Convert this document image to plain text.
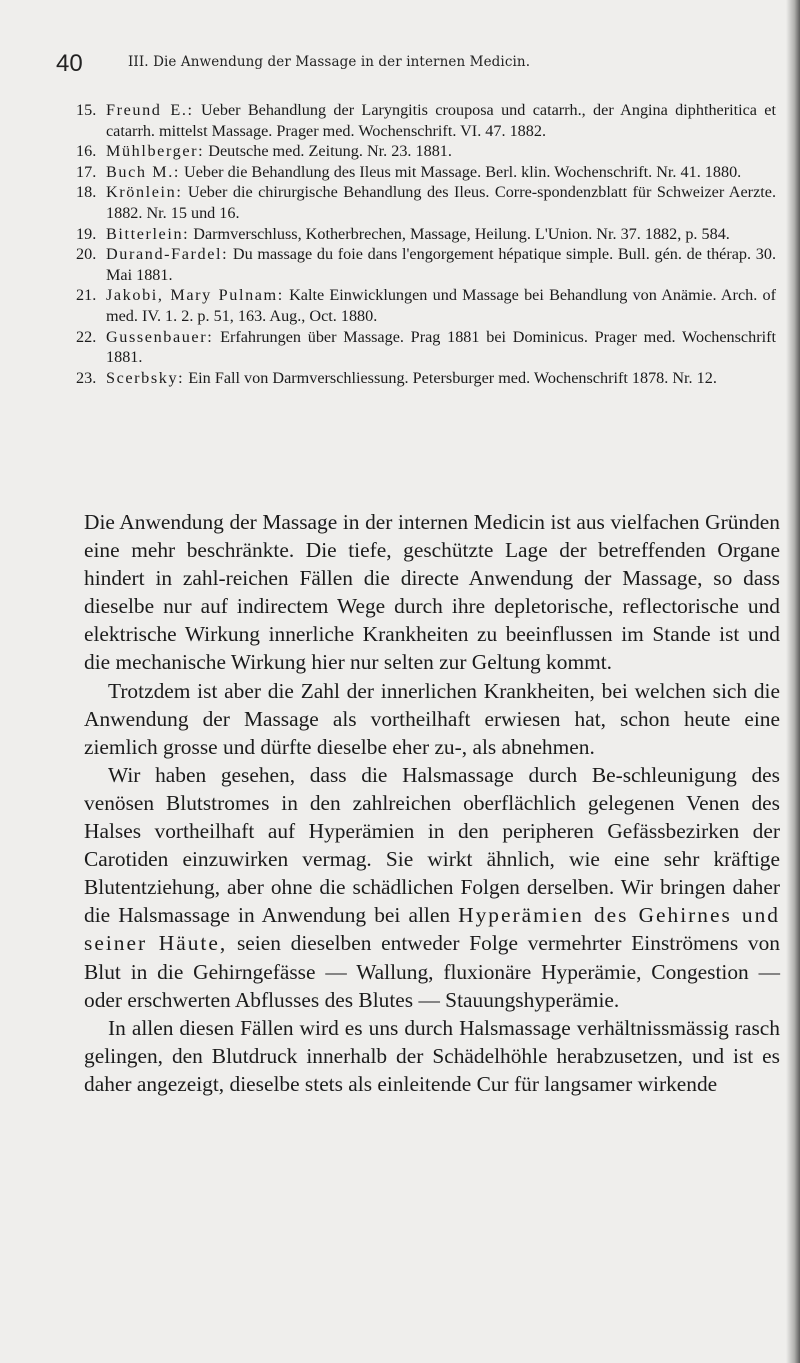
40	III. Die Anwendung der Massage in der internen Medicin.
15. Freund E.: Ueber Behandlung der Laryngitis crouposa und catarrh., der Angina diphtheritica et catarrh. mittelst Massage. Prager med. Wochenschrift. VI. 47. 1882.
16. Mühlberger: Deutsche med. Zeitung. Nr. 23. 1881.
17. Buch M.: Ueber die Behandlung des Ileus mit Massage. Berl. klin. Wochenschrift. Nr. 41. 1880.
18. Krönlein: Ueber die chirurgische Behandlung des Ileus. Corre-spondenzblatt für Schweizer Aerzte. 1882. Nr. 15 und 16.
19. Bitterlein: Darmverschluss, Kotherbrechen, Massage, Heilung. L'Union. Nr. 37. 1882, p. 584.
20. Durand-Fardel: Du massage du foie dans l'engorgement hépatique simple. Bull. gén. de thérap. 30. Mai 1881.
21. Jakobi, Mary Pulnam: Kalte Einwicklungen und Massage bei Behandlung von Anämie. Arch. of med. IV. 1. 2. p. 51, 163. Aug., Oct. 1880.
22. Gussenbauer: Erfahrungen über Massage. Prag 1881 bei Dominicus. Prager med. Wochenschrift 1881.
23. Scerbsky: Ein Fall von Darmverschliessung. Petersburger med. Wochenschrift 1878. Nr. 12.

Die Anwendung der Massage in der internen Medicin ist aus vielfachen Gründen eine mehr beschränkte. Die tiefe, geschützte Lage der betreffenden Organe hindert in zahl-reichen Fällen die directe Anwendung der Massage, so dass dieselbe nur auf indirectem Wege durch ihre depletorische, reflectorische und elektrische Wirkung innerliche Krankheiten zu beeinflussen im Stande ist und die mechanische Wirkung hier nur selten zur Geltung kommt.

Trotzdem ist aber die Zahl der innerlichen Krankheiten, bei welchen sich die Anwendung der Massage als vortheilhaft erwiesen hat, schon heute eine ziemlich grosse und dürfte dieselbe eher zu-, als abnehmen.

Wir haben gesehen, dass die Halsmassage durch Be-schleunigung des venösen Blutstromes in den zahlreichen oberflächlich gelegenen Venen des Halses vortheilhaft auf Hyperämien in den peripheren Gefässbezirken der Carotiden einzuwirken vermag. Sie wirkt ähnlich, wie eine sehr kräftige Blutentziehung, aber ohne die schädlichen Folgen derselben. Wir bringen daher die Halsmassage in Anwendung bei allen Hyperämien des Gehirnes und seiner Häute, seien dieselben entweder Folge vermehrter Einströmens von Blut in die Gehirngefässe — Wallung, fluxionäre Hyperämie, Congestion — oder erschwerten Abflusses des Blutes — Stauungshyperämie.

In allen diesen Fällen wird es uns durch Halsmassage verhältnissmässig rasch gelingen, den Blutdruck innerhalb der Schädelhöhle herabzusetzen, und ist es daher angezeigt, dieselbe stets als einleitende Cur für langsamer wirkende
